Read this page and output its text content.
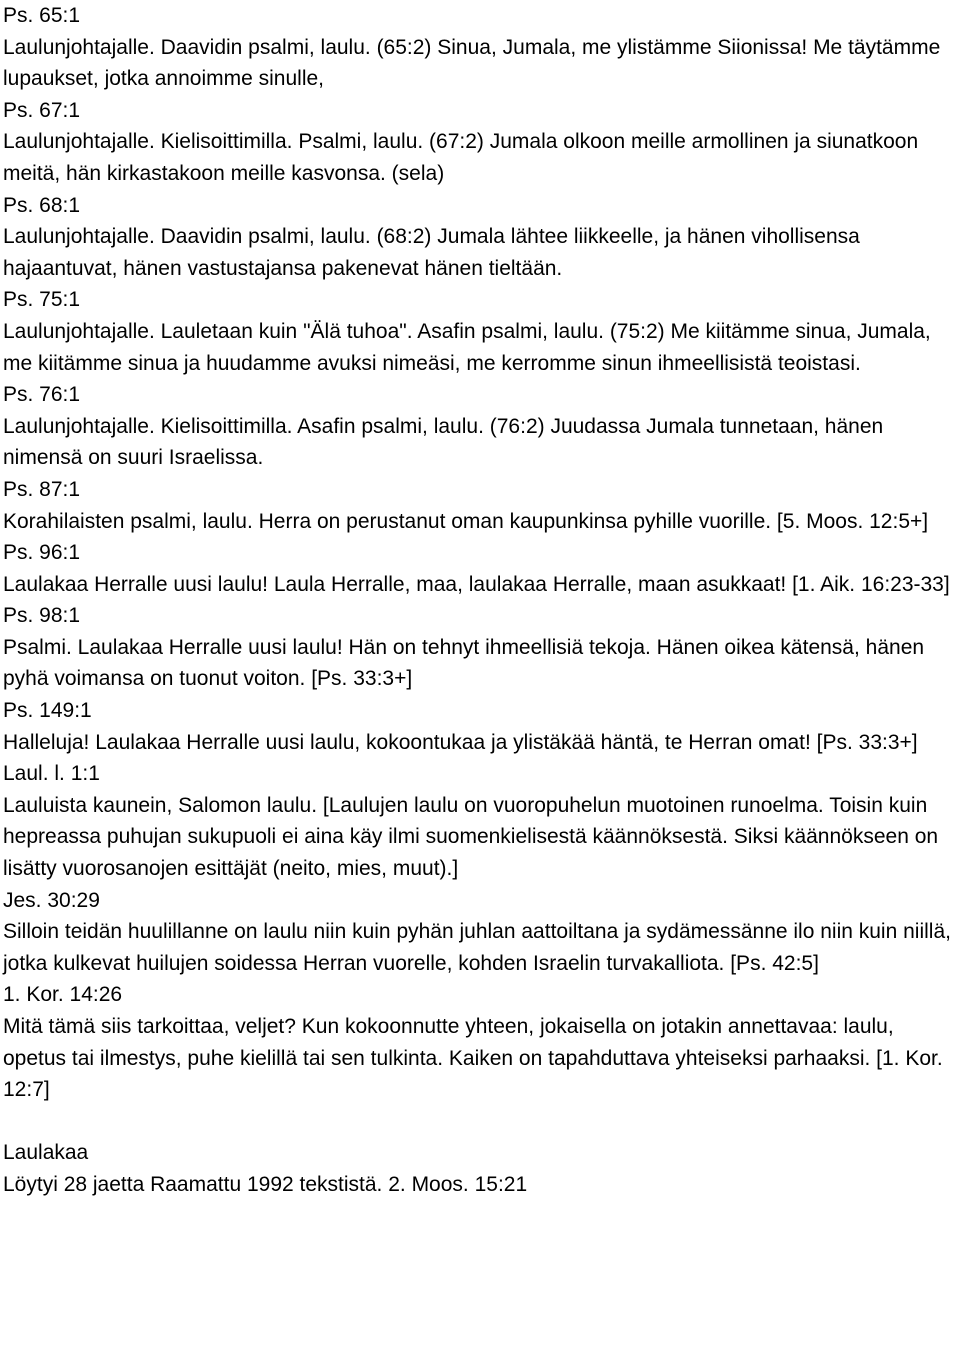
Ps. 65:1
Laulunjohtajalle. Daavidin psalmi, laulu. (65:2) Sinua, Jumala, me ylistämme Siionissa! Me täytämme lupaukset, jotka annoimme sinulle,
Ps. 67:1
Laulunjohtajalle. Kielisoittimilla. Psalmi, laulu. (67:2) Jumala olkoon meille armollinen ja siunatkoon meitä, hän kirkastakoon meille kasvonsa. (sela)
Ps. 68:1
Laulunjohtajalle. Daavidin psalmi, laulu. (68:2) Jumala lähtee liikkeelle, ja hänen vihollisensa hajaantuvat, hänen vastustajansa pakenevat hänen tieltään.
Ps. 75:1
Laulunjohtajalle. Lauletaan kuin "Älä tuhoa". Asafin psalmi, laulu. (75:2) Me kiitämme sinua, Jumala, me kiitämme sinua ja huudamme avuksi nimeäsi, me kerromme sinun ihmeellisistä teoistasi.
Ps. 76:1
Laulunjohtajalle. Kielisoittimilla. Asafin psalmi, laulu. (76:2) Juudassa Jumala tunnetaan, hänen nimensä on suuri Israelissa.
Ps. 87:1
Korahilaisten psalmi, laulu. Herra on perustanut oman kaupunkinsa pyhille vuorille. [5. Moos. 12:5+]
Ps. 96:1
Laulakaa Herralle uusi laulu! Laula Herralle, maa, laulakaa Herralle, maan asukkaat! [1. Aik. 16:23-33]
Ps. 98:1
Psalmi. Laulakaa Herralle uusi laulu! Hän on tehnyt ihmeellisiä tekoja. Hänen oikea kätensä, hänen pyhä voimansa on tuonut voiton. [Ps. 33:3+]
Ps. 149:1
Halleluja! Laulakaa Herralle uusi laulu, kokoontukaa ja ylistäkää häntä, te Herran omat! [Ps. 33:3+]
Laul. l. 1:1
Lauluista kaunein, Salomon laulu. [Laulujen laulu on vuoropuhelun muotoinen runoelma. Toisin kuin hepreassa puhujan sukupuoli ei aina käy ilmi suomenkielisestä käännöksestä. Siksi käännökseen on lisätty vuorosanojen esittäjät (neito, mies, muut).]
Jes. 30:29
Silloin teidän huulillanne on laulu niin kuin pyhän juhlan aattoiltana ja sydämessänne ilo niin kuin niillä, jotka kulkevat huilujen soidessa Herran vuorelle, kohden Israelin turvakalliota. [Ps. 42:5]
1. Kor. 14:26
Mitä tämä siis tarkoittaa, veljet? Kun kokoonnutte yhteen, jokaisella on jotakin annettavaa: laulu, opetus tai ilmestys, puhe kielillä tai sen tulkinta. Kaiken on tapahduttava yhteiseksi parhaaksi. [1. Kor. 12:7]
Laulakaa
Löytyi 28 jaetta Raamattu 1992 tekstistä. 2. Moos. 15:21
